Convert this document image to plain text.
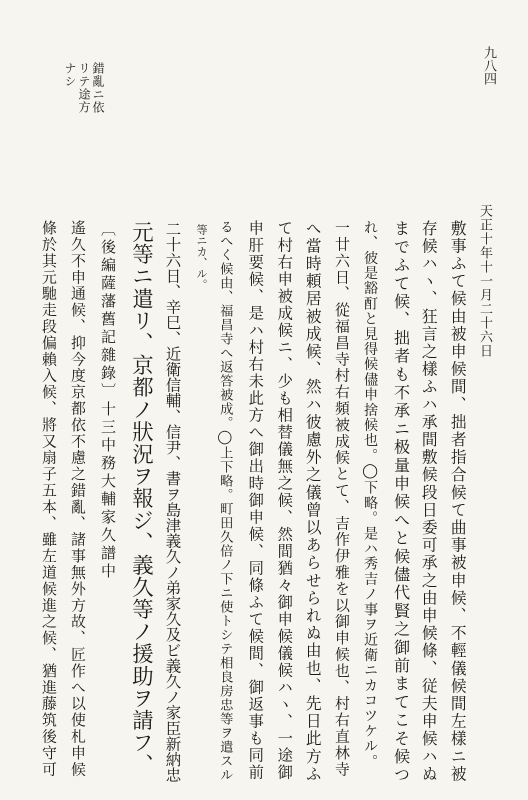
九八四
天正十年十一月二十六日
錯亂ニ依
リテ途方
ナシ
敷事ふて候由被申候間、拙者指合候て曲事被申候、不輕儀候間左樣ニ被
存候ハヽ、狂言之樣ふハ承間敷候段日委可承之由申候條、従夫申候ハぬ
までふて候、拙者も不承ニ极量申候へと候儘代賢之御前まてこそ候つ
れ、彼是豁酊と見得候儘申捨候也。◯下略。是ハ秀吉ノ事ヲ近衛ニカコツケル。
一廿六日、從福昌寺村右頻被成候とて、吉作伊雅を以御申候也、村右直林寺
へ當時頼居被成候、然ハ彼慮外之儀曾以あらせられぬ由也、先日此方ふ
て村右申被成候ニ、少も相替儀無之候、然間猶々御申候儀候ハヽ、一途御
申肝要候、是ハ村右未此方へ御出時御申候、同條ふて候間、御返事も同前
るへく候由、福昌寺へ返答被成。◯上下略。町田久倍ノ下ニ使トシテ相良房忠等ヲ遣スル
等ニカ、ル。
二十六日、辛巳、近衛信輔、信尹、書ヲ島津義久ノ弟家久及ビ義久ノ家臣新納忠
元等ニ遣リ、京都ノ狀況ヲ報ジ、義久等ノ援助ヲ請フ、
〔後編薩藩舊記雜錄〕十三中務大輔家久譜中
遙久不申通候、抑今度京都依不慮之錯亂、諸事無外方故、匠作へ以使札申候
條於其元馳走段偏賴入候、將又扇子五本、雖左道候進之候、猶進藤筑後守可
